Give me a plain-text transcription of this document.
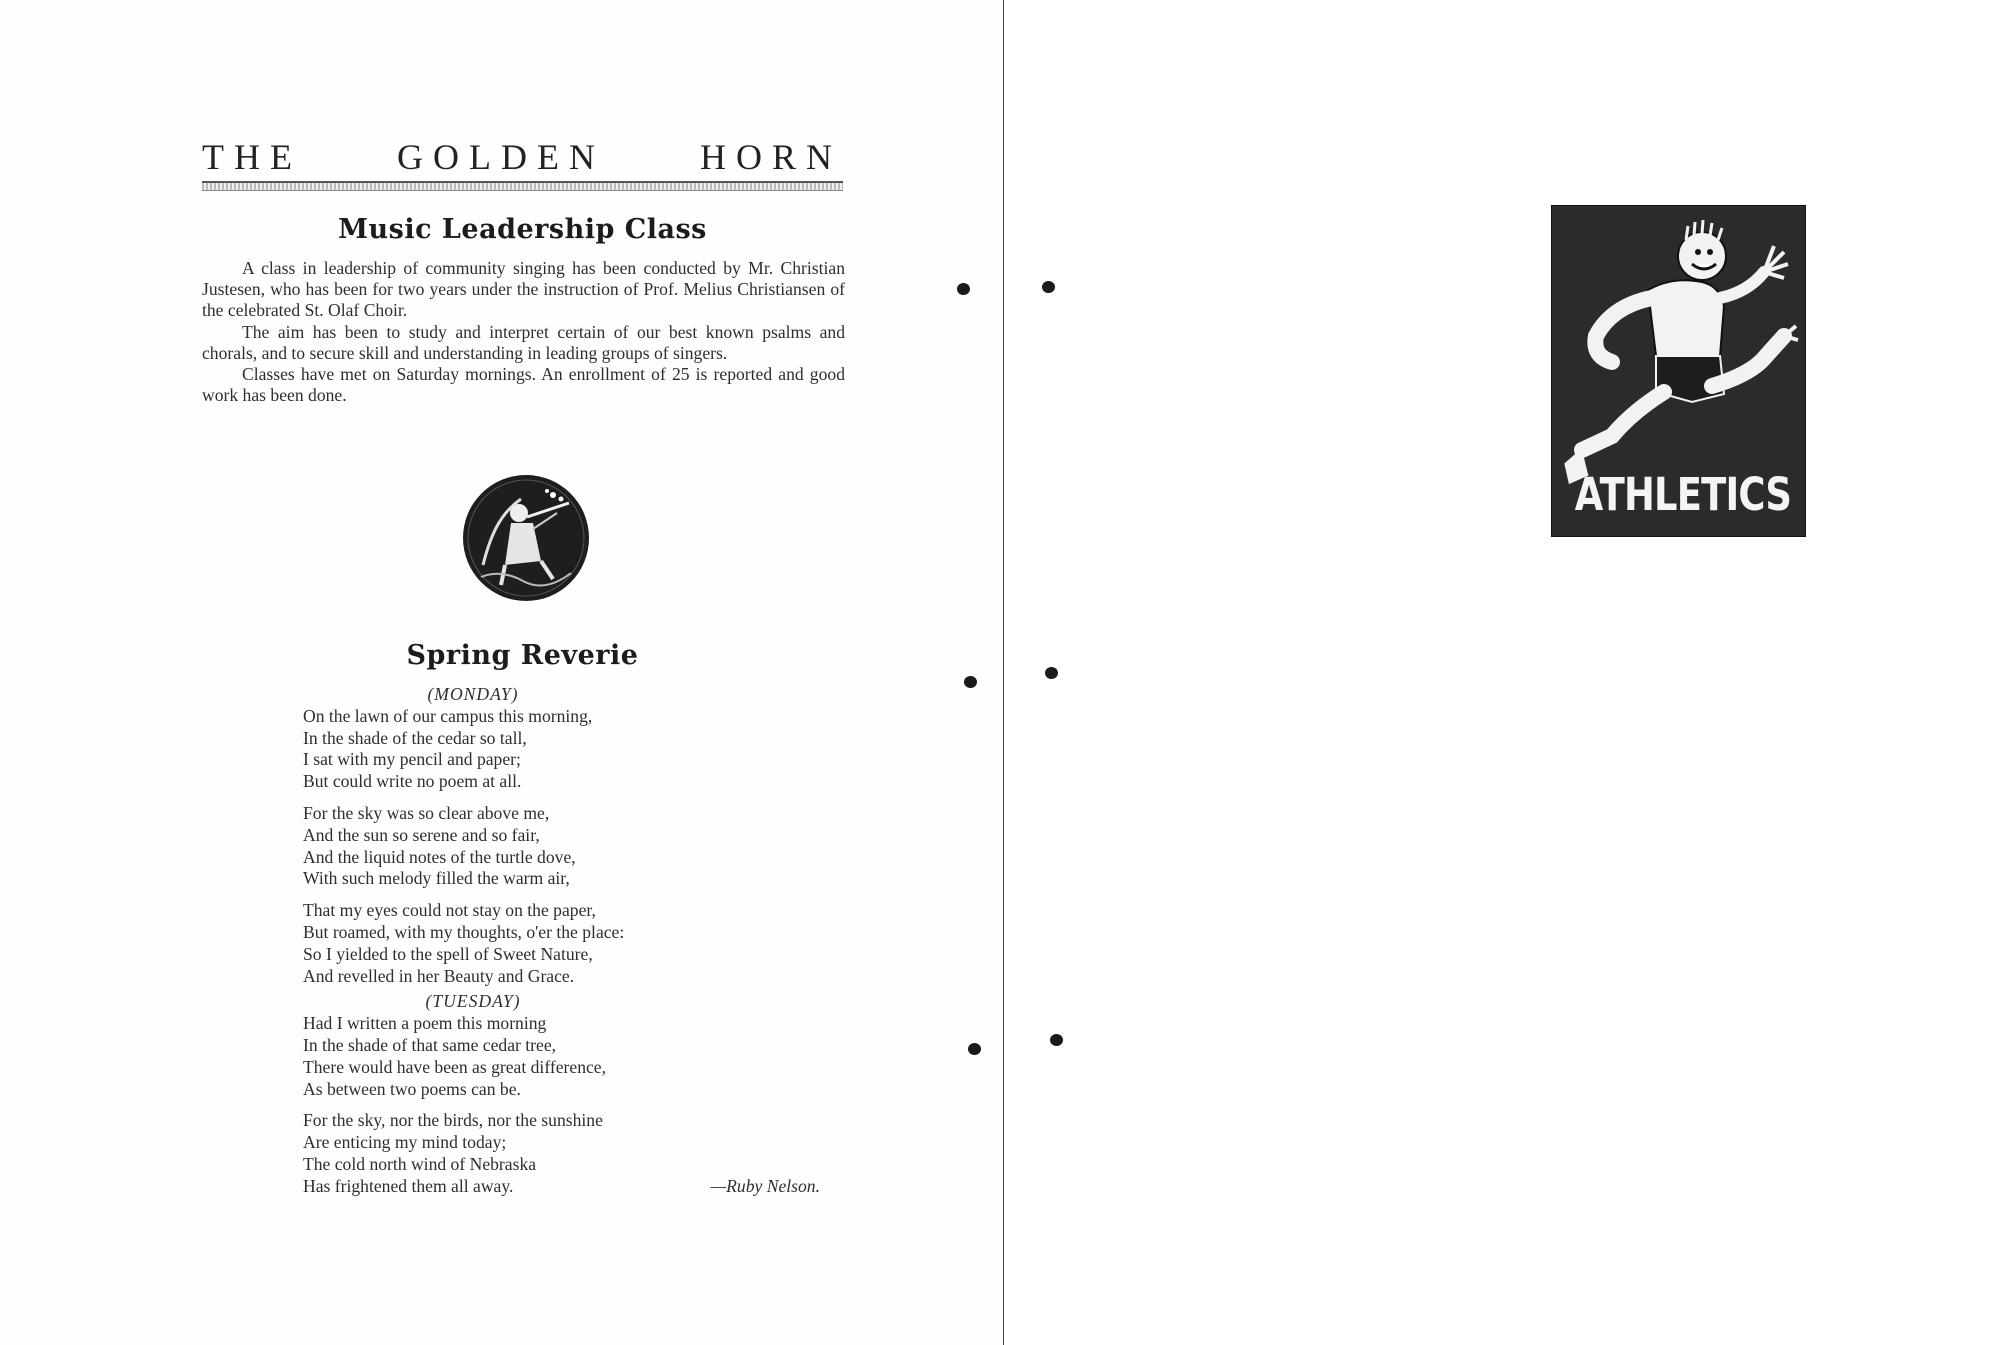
THE	GOLDEN	HORN
Music Leadership Class

A class in leadership of community singing has been conducted by Mr. Christian Justesen, who has been for two years under the instruction of Prof. Melius Christiansen of the celebrated St. Olaf Choir.

The aim has been to study and interpret certain of our best known psalms and chorals, and to secure skill and understanding in leading groups of singers.

Classes have met on Saturday mornings. An enrollment of 25 is reported and good work has been done.

Spring Reverie
(MONDAY)
On the lawn of our campus this morning,
In the shade of the cedar so tall,
I sat with my pencil and paper;
But could write no poem at all.
For the sky was so clear above me,
And the sun so serene and so fair,
And the liquid notes of the turtle dove,
With such melody filled the warm air,
That my eyes could not stay on the paper,
But roamed, with my thoughts, o'er the place:
So I yielded to the spell of Sweet Nature,
And revelled in her Beauty and Grace.
(TUESDAY)
Had I written a poem this morning
In the shade of that same cedar tree,
There would have been as great difference,
As between two poems can be.
For the sky, nor the birds, nor the sunshine
Are enticing my mind today;
The cold north wind of Nebraska
Has frightened them all away.	—Ruby Nelson.
ATHLETICS
